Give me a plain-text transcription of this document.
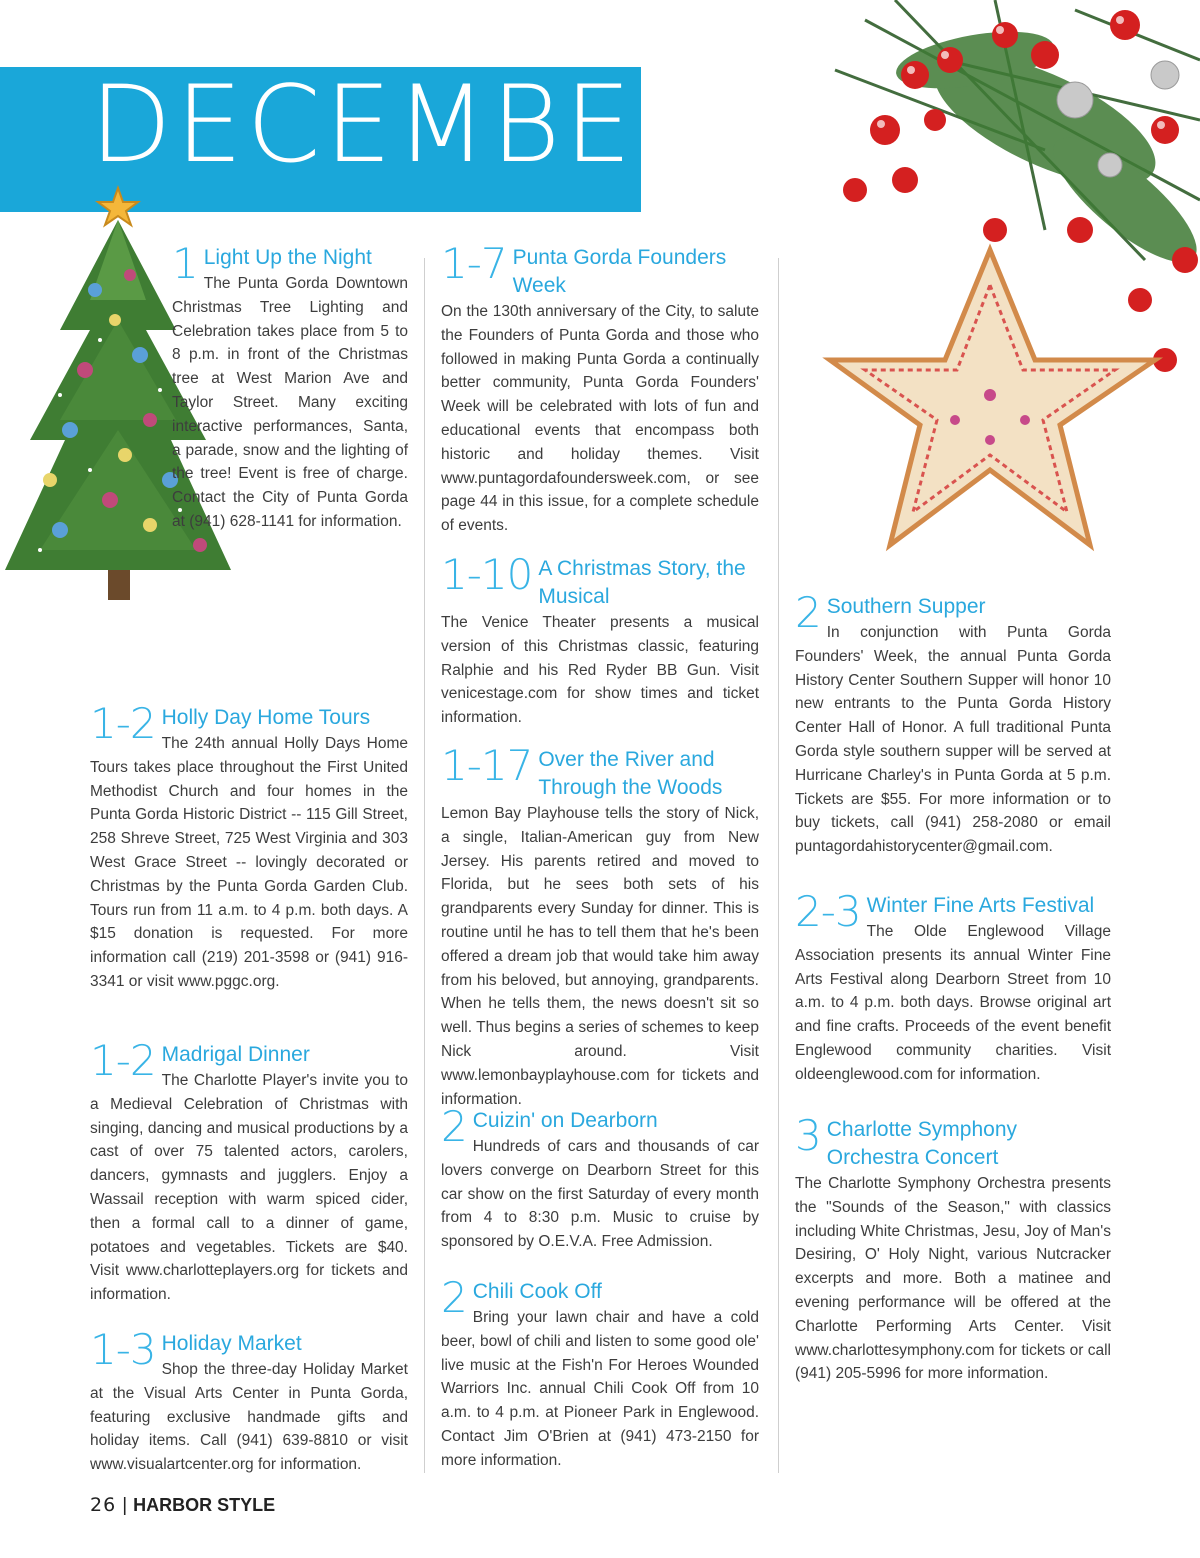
DECEMBER
1 Light Up the Night
The Punta Gorda Downtown Christmas Tree Lighting and Celebration takes place from 5 to 8 p.m. in front of the Christmas tree at West Marion Ave and Taylor Street. Many exciting interactive performances, Santa, a parade, snow and the lighting of the tree! Event is free of charge. Contact the City of Punta Gorda at (941) 628-1141 for information.
1-2 Holly Day Home Tours
The 24th annual Holly Days Home Tours takes place throughout the First United Methodist Church and four homes in the Punta Gorda Historic District -- 115 Gill Street, 258 Shreve Street, 725 West Virginia and 303 West Grace Street -- lovingly decorated or Christmas by the Punta Gorda Garden Club. Tours run from 11 a.m. to 4 p.m. both days. A $15 donation is requested. For more information call (219) 201-3598 or (941) 916-3341 or visit www.pggc.org.
1-2 Madrigal Dinner
The Charlotte Player's invite you to a Medieval Celebration of Christmas with singing, dancing and musical productions by a cast of over 75 talented actors, carolers, dancers, gymnasts and jugglers. Enjoy a Wassail reception with warm spiced cider, then a formal call to a dinner of game, potatoes and vegetables. Tickets are $40. Visit www.charlotteplayers.org for tickets and information.
1-3 Holiday Market
Shop the three-day Holiday Market at the Visual Arts Center in Punta Gorda, featuring exclusive handmade gifts and holiday items. Call (941) 639-8810 or visit www.visualartcenter.org for information.
1-7 Punta Gorda Founders Week
On the 130th anniversary of the City, to salute the Founders of Punta Gorda and those who followed in making Punta Gorda a continually better community, Punta Gorda Founders' Week will be celebrated with lots of fun and educational events that encompass both historic and holiday themes. Visit www.puntagordafoundersweek.com, or see page 44 in this issue, for a complete schedule of events.
1-10 A Christmas Story, the Musical
The Venice Theater presents a musical version of this Christmas classic, featuring Ralphie and his Red Ryder BB Gun. Visit venicestage.com for show times and ticket information.
1-17 Over the River and Through the Woods
Lemon Bay Playhouse tells the story of Nick, a single, Italian-American guy from New Jersey. His parents retired and moved to Florida, but he sees both sets of his grandparents every Sunday for dinner. This is routine until he has to tell them that he's been offered a dream job that would take him away from his beloved, but annoying, grandparents. When he tells them, the news doesn't sit so well. Thus begins a series of schemes to keep Nick around. Visit www.lemonbayplayhouse.com for tickets and information.
2 Cuizin' on Dearborn
Hundreds of cars and thousands of car lovers converge on Dearborn Street for this car show on the first Saturday of every month from 4 to 8:30 p.m. Music to cruise by sponsored by O.E.V.A. Free Admission.
2 Chili Cook Off
Bring your lawn chair and have a cold beer, bowl of chili and listen to some good ole' live music at the Fish'n For Heroes Wounded Warriors Inc. annual Chili Cook Off from 10 a.m. to 4 p.m. at Pioneer Park in Englewood. Contact Jim O'Brien at (941) 473-2150 for more information.
2 Southern Supper
In conjunction with Punta Gorda Founders' Week, the annual Punta Gorda History Center Southern Supper will honor 10 new entrants to the Punta Gorda History Center Hall of Honor. A full traditional Punta Gorda style southern supper will be served at Hurricane Charley's in Punta Gorda at 5 p.m. Tickets are $55. For more information or to buy tickets, call (941) 258-2080 or email puntagordahistorycenter@gmail.com.
2-3 Winter Fine Arts Festival
The Olde Englewood Village Association presents its annual Winter Fine Arts Festival along Dearborn Street from 10 a.m. to 4 p.m. both days. Browse original art and fine crafts. Proceeds of the event benefit Englewood community charities. Visit oldeenglewood.com for information.
3 Charlotte Symphony Orchestra Concert
The Charlotte Symphony Orchestra presents the "Sounds of the Season," with classics including White Christmas, Jesu, Joy of Man's Desiring, O' Holy Night, various Nutcracker excerpts and more. Both a matinee and evening performance will be offered at the Charlotte Performing Arts Center. Visit www.charlottesymphony.com for tickets or call (941) 205-5996 for more information.
26 | HARBOR STYLE
